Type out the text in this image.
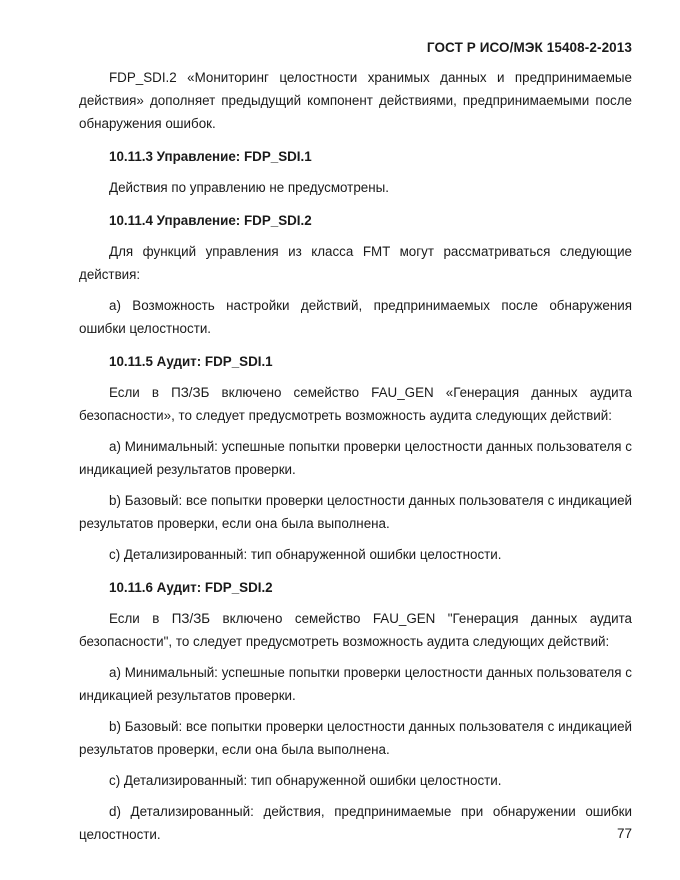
ГОСТ Р ИСО/МЭК 15408-2-2013

FDP_SDI.2 «Мониторинг целостности хранимых данных и предпринимаемые действия» дополняет предыдущий компонент действиями, предпринимаемыми после обнаружения ошибок.

10.11.3 Управление: FDP_SDI.1

Действия по управлению не предусмотрены.

10.11.4 Управление: FDP_SDI.2

Для функций управления из класса FMT могут рассматриваться следующие действия:

a) Возможность настройки действий, предпринимаемых после обнаружения ошибки целостности.

10.11.5 Аудит: FDP_SDI.1

Если в ПЗ/ЗБ включено семейство FAU_GEN «Генерация данных аудита безопасности», то следует предусмотреть возможность аудита следующих действий:

a) Минимальный: успешные попытки проверки целостности данных пользователя с индикацией результатов проверки.

b) Базовый: все попытки проверки целостности данных пользователя с индикацией результатов проверки, если она была выполнена.

c) Детализированный: тип обнаруженной ошибки целостности.

10.11.6 Аудит: FDP_SDI.2

Если в ПЗ/ЗБ включено семейство FAU_GEN "Генерация данных аудита безопасности", то следует предусмотреть возможность аудита следующих действий:

a) Минимальный: успешные попытки проверки целостности данных пользователя с индикацией результатов проверки.

b) Базовый: все попытки проверки целостности данных пользователя с индикацией результатов проверки, если она была выполнена.

c) Детализированный: тип обнаруженной ошибки целостности.

d) Детализированный: действия, предпринимаемые при обнаружении ошибки целостности.	77
